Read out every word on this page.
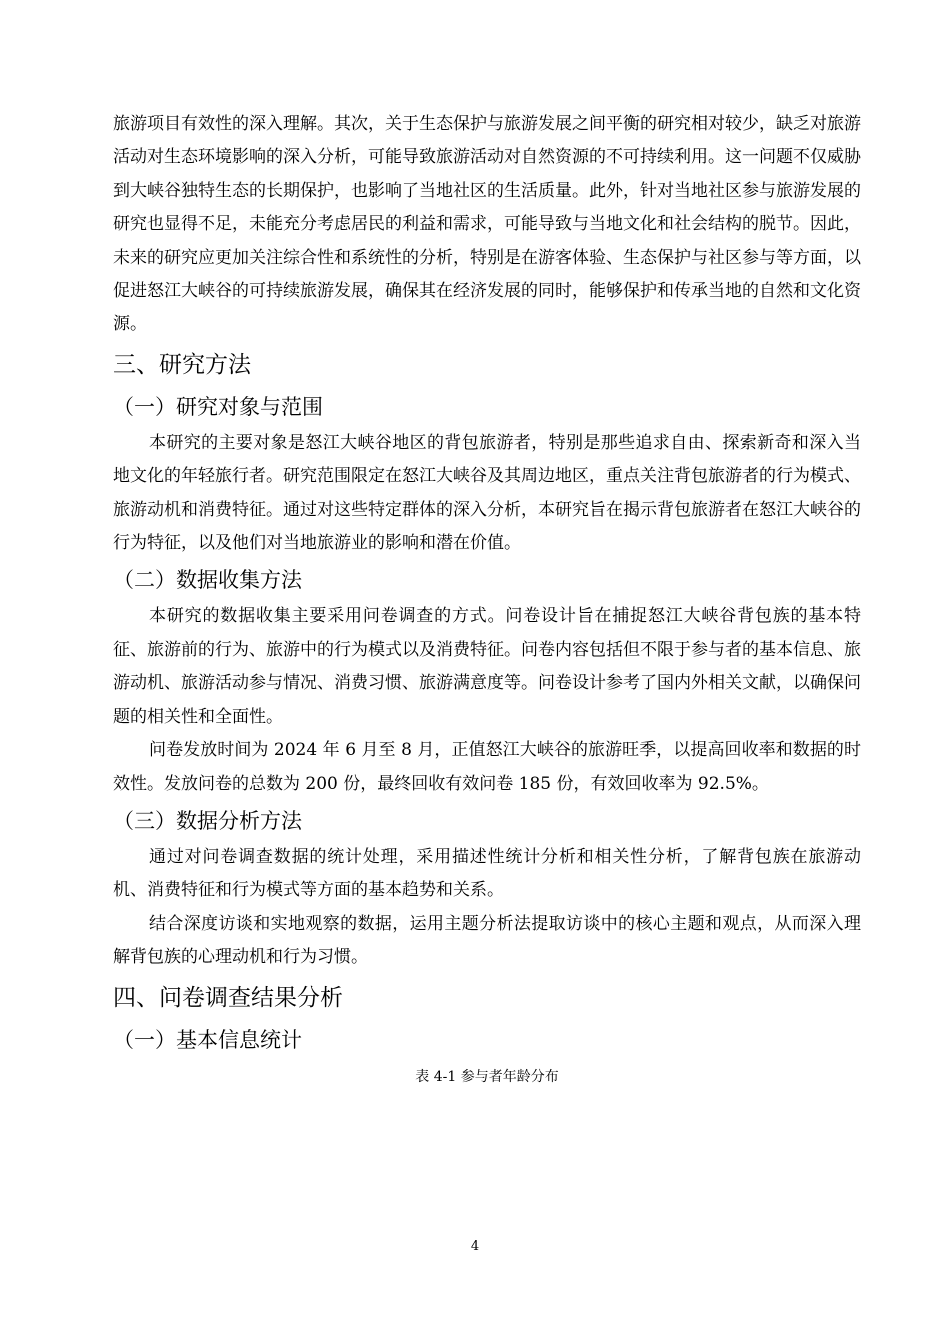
旅游项目有效性的深入理解。其次，关于生态保护与旅游发展之间平衡的研究相对较少，缺乏对旅游活动对生态环境影响的深入分析，可能导致旅游活动对自然资源的不可持续利用。这一问题不仅威胁到大峡谷独特生态的长期保护，也影响了当地社区的生活质量。此外，针对当地社区参与旅游发展的研究也显得不足，未能充分考虑居民的利益和需求，可能导致与当地文化和社会结构的脱节。因此，未来的研究应更加关注综合性和系统性的分析，特别是在游客体验、生态保护与社区参与等方面，以促进怒江大峡谷的可持续旅游发展，确保其在经济发展的同时，能够保护和传承当地的自然和文化资源。

三、研究方法
（一）研究对象与范围

本研究的主要对象是怒江大峡谷地区的背包旅游者，特别是那些追求自由、探索新奇和深入当地文化的年轻旅行者。研究范围限定在怒江大峡谷及其周边地区，重点关注背包旅游者的行为模式、旅游动机和消费特征。通过对这些特定群体的深入分析，本研究旨在揭示背包旅游者在怒江大峡谷的行为特征，以及他们对当地旅游业的影响和潜在价值。

（二）数据收集方法

本研究的数据收集主要采用问卷调查的方式。问卷设计旨在捕捉怒江大峡谷背包族的基本特征、旅游前的行为、旅游中的行为模式以及消费特征。问卷内容包括但不限于参与者的基本信息、旅游动机、旅游活动参与情况、消费习惯、旅游满意度等。问卷设计参考了国内外相关文献，以确保问题的相关性和全面性。

问卷发放时间为 2024 年 6 月至 8 月，正值怒江大峡谷的旅游旺季，以提高回收率和数据的时效性。发放问卷的总数为 200 份，最终回收有效问卷 185 份，有效回收率为 92.5%。

（三）数据分析方法

通过对问卷调查数据的统计处理，采用描述性统计分析和相关性分析，了解背包族在旅游动机、消费特征和行为模式等方面的基本趋势和关系。

结合深度访谈和实地观察的数据，运用主题分析法提取访谈中的核心主题和观点，从而深入理解背包族的心理动机和行为习惯。

四、问卷调查结果分析
（一）基本信息统计
表 4-1 参与者年龄分布
4
